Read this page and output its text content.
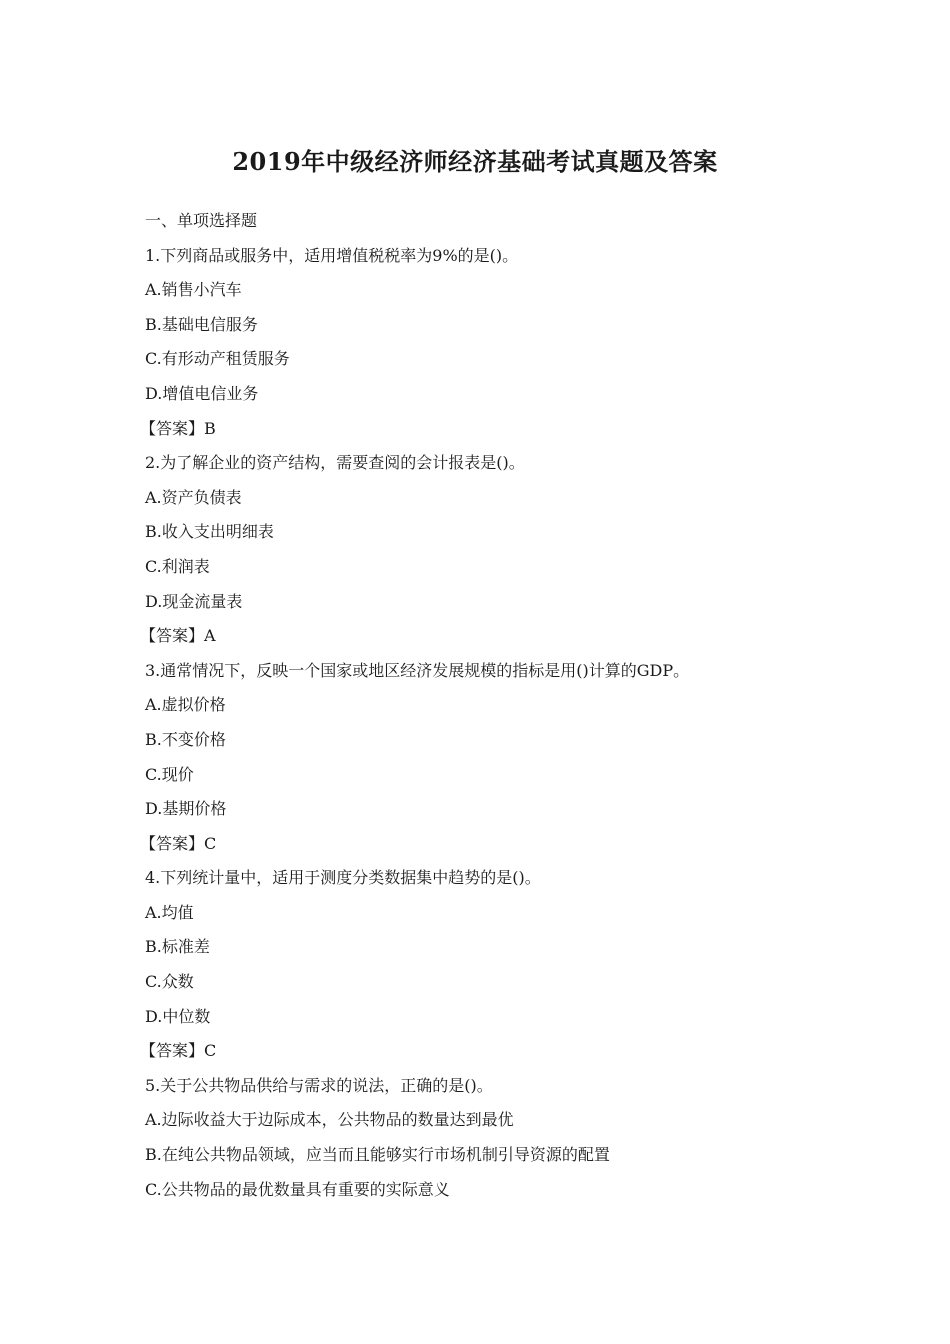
2019年中级经济师经济基础考试真题及答案
一、单项选择题
1.下列商品或服务中，适用增值税税率为9%的是()。
A.销售小汽车
B.基础电信服务
C.有形动产租赁服务
D.增值电信业务
【答案】B
2.为了解企业的资产结构，需要查阅的会计报表是()。
A.资产负债表
B.收入支出明细表
C.利润表
D.现金流量表
【答案】A
3.通常情况下，反映一个国家或地区经济发展规模的指标是用()计算的GDP。
A.虚拟价格
B.不变价格
C.现价
D.基期价格
【答案】C
4.下列统计量中，适用于测度分类数据集中趋势的是()。
A.均值
B.标准差
C.众数
D.中位数
【答案】C
5.关于公共物品供给与需求的说法，正确的是()。
A.边际收益大于边际成本，公共物品的数量达到最优
B.在纯公共物品领域，应当而且能够实行市场机制引导资源的配置
C.公共物品的最优数量具有重要的实际意义
